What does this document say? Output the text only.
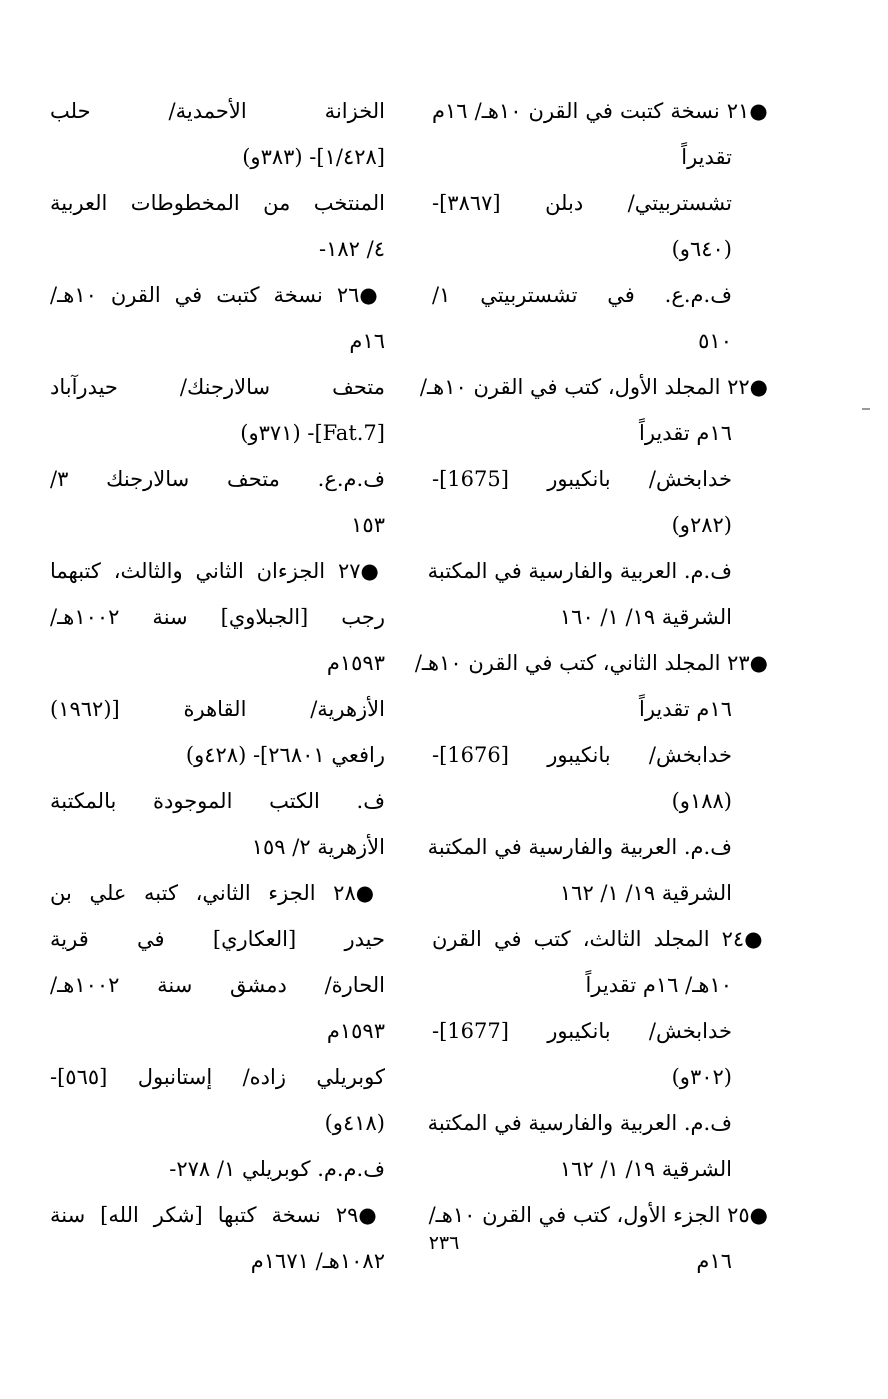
●٢١ نسخة كتبت في القرن ١٠هـ/ ١٦م
تقديراً
تشستربيتي/ دبلن [٣٨٦٧]-
(٦٤٠و)
ف.م.ع. في تشستربيتي ١/
٥١٠
●٢٢ المجلد الأول، كتب في القرن ١٠هـ/
١٦م تقديراً
خدابخش/ بانكيبور [1675]-
(٢٨٢و)
ف.م. العربية والفارسية في المكتبة
الشرقية ١٩/ ١/ ١٦٠
●٢٣ المجلد الثاني، كتب في القرن ١٠هـ/
١٦م تقديراً
خدابخش/ بانكيبور [1676]-
(١٨٨و)
ف.م. العربية والفارسية في المكتبة
الشرقية ١٩/ ١/ ١٦٢
●٢٤ المجلد الثالث، كتب في القرن
١٠هـ/ ١٦م تقديراً
خدابخش/ بانكيبور [1677]-
(٣٠٢و)
ف.م. العربية والفارسية في المكتبة
الشرقية ١٩/ ١/ ١٦٢
●٢٥ الجزء الأول، كتب في القرن ١٠هـ/
١٦م
الخزانة الأحمدية/ حلب
[١/٤٢٨]- (٣٨٣و)
المنتخب من المخطوطات العربية
٤/ ١٨٢-
●٢٦ نسخة كتبت في القرن ١٠هـ/
١٦م
متحف سالارجنك/ حيدرآباد
[Fat.7]- (٣٧١و)
ف.م.ع. متحف سالارجنك ٣/
١٥٣
●٢٧ الجزءان الثاني والثالث، كتبهما
رجب [الجبلاوي] سنة ١٠٠٢هـ/
١٥٩٣م
الأزهرية/ القاهرة [(١٩٦٢)
رافعي ٢٦٨٠١]- (٤٢٨و)
ف. الكتب الموجودة بالمكتبة
الأزهرية ٢/ ١٥٩
●٢٨ الجزء الثاني، كتبه علي بن
حيدر [العكاري] في قرية
الحارة/ دمشق سنة ١٠٠٢هـ/
١٥٩٣م
كوبريلي زاده/ إستانبول [٥٦٥]-
(٤١٨و)
ف.م.م. كوبريلي ١/ ٢٧٨-
●٢٩ نسخة كتبها [شكر الله] سنة
١٠٨٢هـ/ ١٦٧١م
٢٣٦
